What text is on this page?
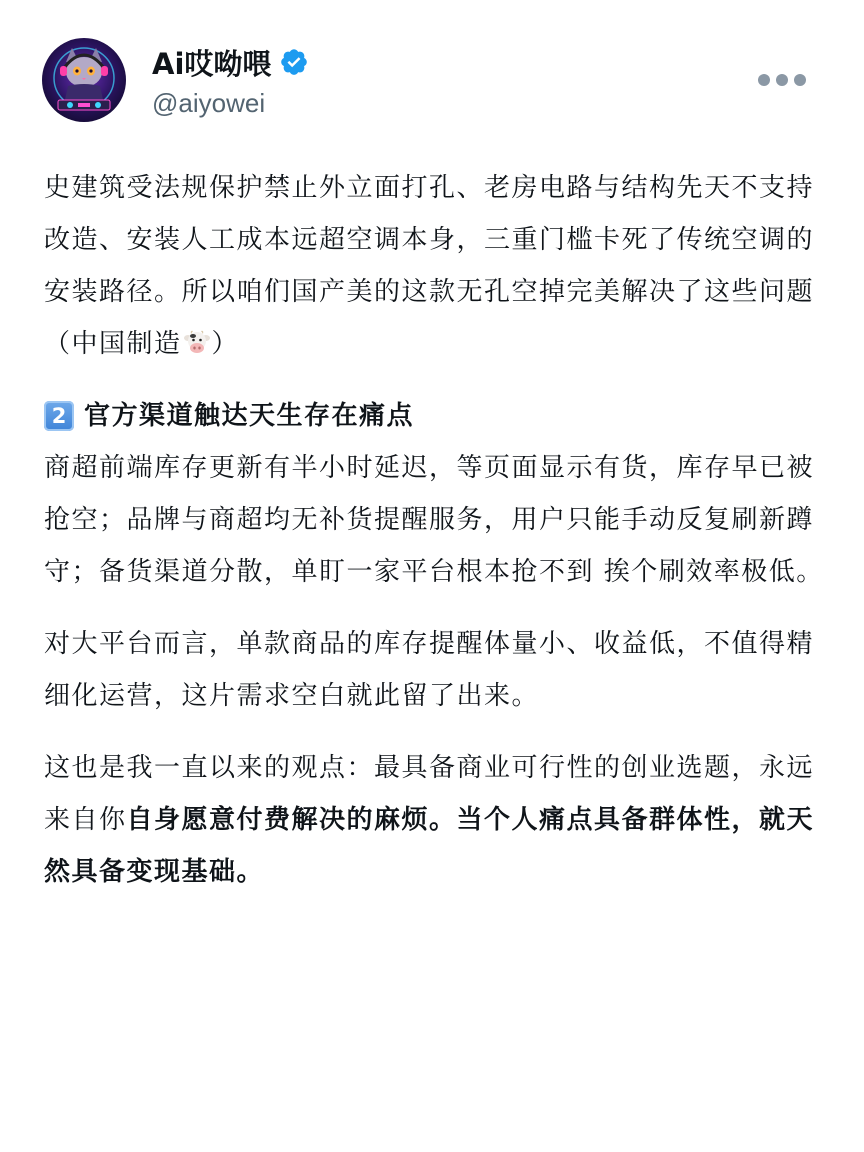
Ai哎呦喂
@aiyowei

史建筑受法规保护禁止外立面打孔、老房电路与结构先天不支持改造、安装人工成本远超空调本身，三重门槛卡死了传统空调的安装路径。所以咱们国产美的这款无孔空掉完美解决了这些问题（中国制造 ）

2 官方渠道触达天生存在痛点

商超前端库存更新有半小时延迟，等页面显示有货，库存早已被抢空；品牌与商超均无补货提醒服务，用户只能手动反复刷新蹲守；备货渠道分散，单盯一家平台根本抢不到 挨个刷效率极低。

对大平台而言，单款商品的库存提醒体量小、收益低，不值得精细化运营，这片需求空白就此留了出来。

这也是我一直以来的观点：最具备商业可行性的创业选题，永远来自你自身愿意付费解决的麻烦。当个人痛点具备群体性，就天然具备变现基础。
